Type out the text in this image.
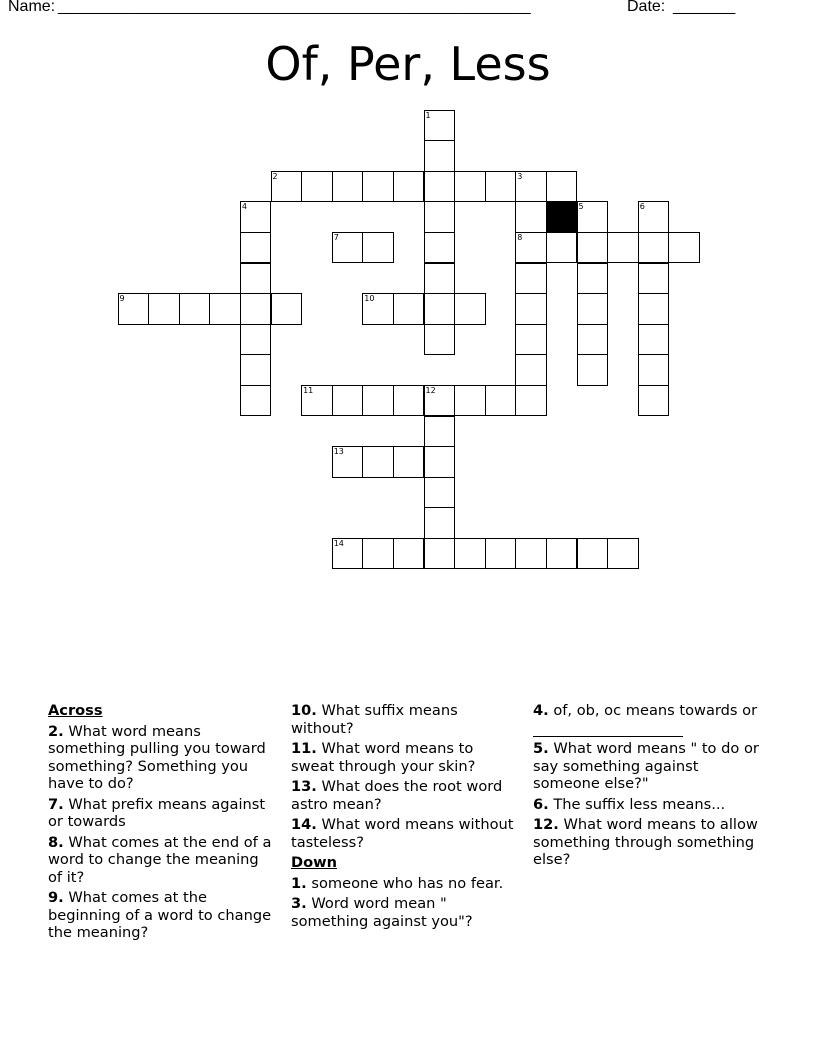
Name: _____________________________________________________	Date: _______
Of, Per, Less
1
2	3
4	5	6
7	8
9	10
11	12
13
14
Across
2. What word means something pulling you toward something? Something you have to do?
7. What prefix means against or towards
8. What comes at the end of a word to change the meaning of it?
9. What comes at the beginning of a word to change the meaning?
10. What suffix means without?
11. What word means to sweat through your skin?
13. What does the root word astro mean?
14. What word means without tasteless?
Down
1. someone who has no fear.
3. Word word mean " something against you"?
4. of, ob, oc means towards or

5. What word means " to do or say something against someone else?"
6. The suffix less means...
12. What word means to allow something through something else?
